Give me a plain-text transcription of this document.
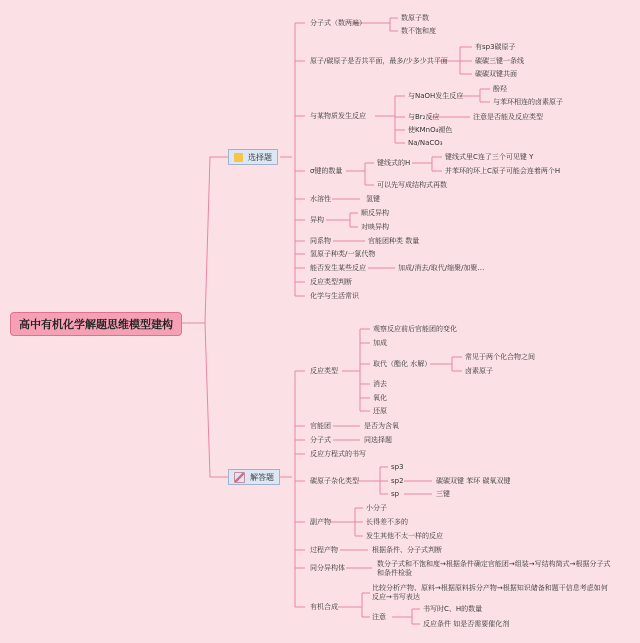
高中有机化学解题思维模型建构
选择题
分子式（数两遍）
数原子数
数不饱和度
原子/碳原子是否共平面，最多/少多少共平面
有sp3碳原子
碳碳三键一条线
碳碳双键共面
与某物质发生反应
与NaOH发生反应
酚羟
与苯环相连的卤素原子
与Br₂反应	注意是否能及反应类型
使KMnO₄褪色
Na/NaCO₃
σ键的数量
键线式的H
键线式里C连了三个可见键 Y
并苯环的环上C原子可能会连着两个H
可以先写成结构式再数
水溶性	氢键
异构
顺反异构
对映异构
同系物	官能团种类 数量
氢原子种类/一氯代物
能否发生某些反应	加成/消去/取代/缩聚/加聚…
反应类型判断
化学与生活常识
解答题
反应类型
观察反应前后官能团的变化
加成
取代（酯化 水解）
常见于两个化合物之间
卤素原子
消去
氧化
还原
官能团	是否为含氧
分子式	同选择题
反应方程式的书写
碳原子杂化类型
sp3
sp2	碳碳双键 苯环 碳氧双键
sp	三键
副产物
小分子
长得差不多的
发生其他不太一样的反应
过程产物	根据条件、分子式判断
同分异构体	数分子式和不饱和度→根据条件确定官能团→组装→写结构简式→根据分子式和条件检验
有机合成
比较分析产物、原料→根据原料拆分产物→根据知识储备和题干信息考虑如何反应→书写表达
注意
书写时C、H的数量
反应条件 如是否需要催化剂
